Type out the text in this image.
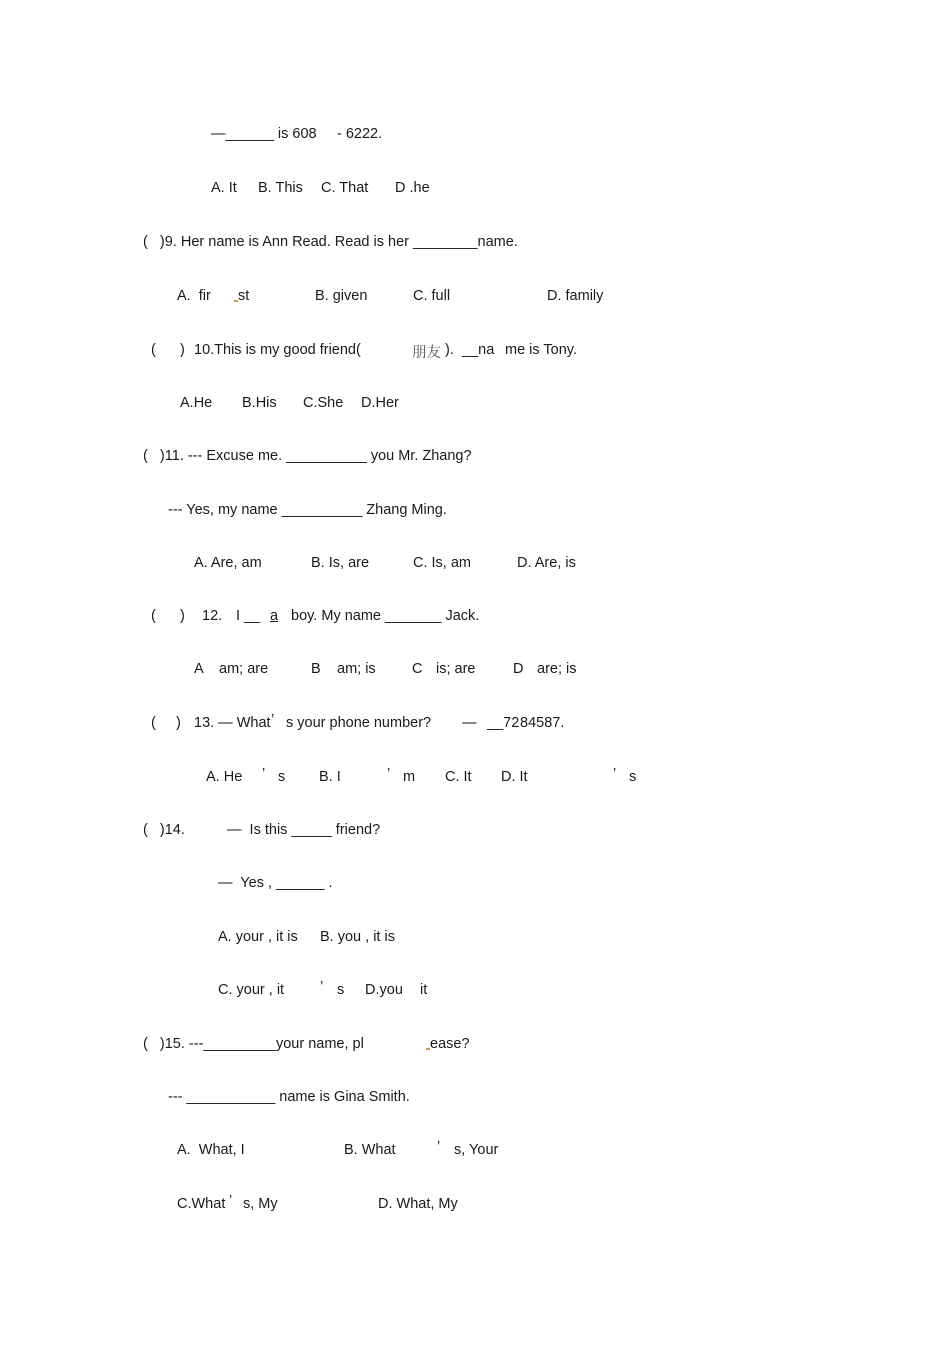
—______ is 608 - 6222.
A. It B. This C. That D .he
(   )9. Her name is Ann Read. Read is her ________name.
A.  fir st	B. given	C. full	D. family
(      ) 10.This is my good friend(	朋友 ). __na me is Tony.
A.He B.His C.She D.Her
(   )11. --- Excuse me. __________ you Mr. Zhang?
--- Yes, my name __________ Zhang Ming.
A. Are, am	B. Is, are	C. Is, am	D. Are, is
(      ) 12. I __ a boy. My name _______ Jack.
A am; are	B am; is	C is; are	D are; is
(     ) 13. — What ’ s your phone number? — __72 84587.
A. He ’ s B. I	’ m C. It D. It	’ s
(   )14.	—  Is this _____ friend?
—  Yes , ______ .
A. your , it is B. you , it is
C. your , it ’ s D.you it
(   )15. ---_________your name, pl	ease?
--- ___________ name is Gina Smith.
A.  What, I	B. What	’ s, Your
C.What ’ s, My	D. What, My
